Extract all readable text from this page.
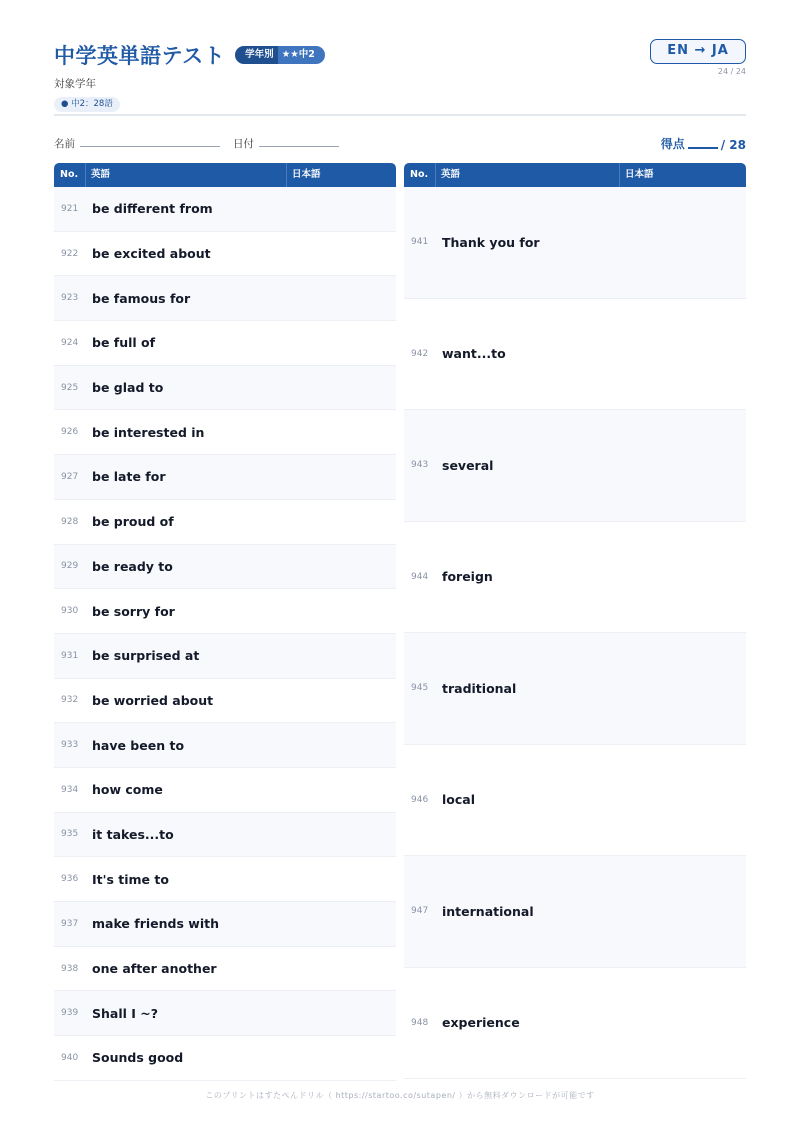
中学英単語テスト	学年別 ★★中2
対象学年
● 中2：28語
EN → JA
24 / 24
名前	日付	得点	/ 28
No. 英語	日本語
921 be different from
922 be excited about
923 be famous for
924 be full of
925 be glad to
926 be interested in
927 be late for
928 be proud of
929 be ready to
930 be sorry for
931 be surprised at
932 be worried about
933 have been to
934 how come
935 it takes...to
936 It's time to
937 make friends with
938 one after another
939 Shall I ~?
940 Sounds good
No. 英語	日本語
941 Thank you for
942 want...to
943 several
944 foreign
945 traditional
946 local
947 international
948 experience
このプリントはすたぺんドリル（ https://startoo.co/sutapen/ ）から無料ダウンロードが可能です
